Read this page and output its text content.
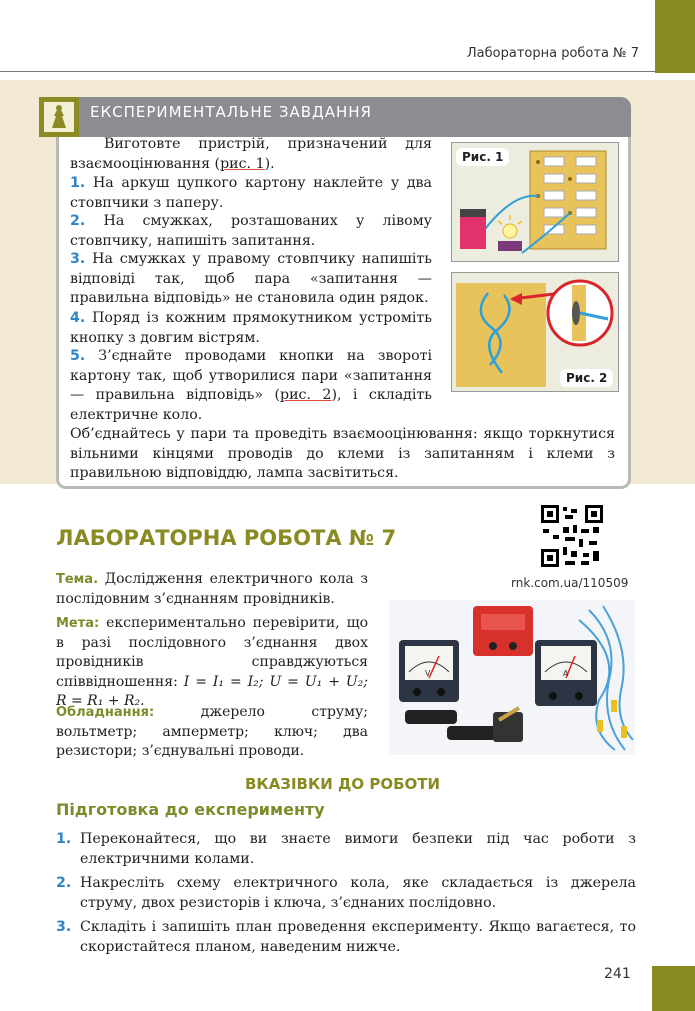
Лабораторна робота № 7
ЕКСПЕРИМЕНТАЛЬНЕ ЗАВДАННЯ
Виготовте пристрій, призначений для взаємооцінювання (рис. 1).
1. На аркуш цупкого картону наклейте у два стовпчики з паперу.
2. На смужках, розташованих у лівому стовпчику, напишіть запитання.
3. На смужках у правому стовпчику напишіть відповіді так, щоб пара «запитання — правильна відповідь» не становила один рядок.
4. Поряд із кожним прямокутником устроміть кнопку з довгим вістрям.
5. З’єднайте проводами кнопки на звороті картону так, щоб утворилися пари «запитання — правильна відповідь» (рис. 2), і складіть електричне коло.
Об’єднайтесь у пари та проведіть взаємооцінювання: якщо торкнутися вільними кінцями проводів до клеми із запитанням і клеми з правильною відповіддю, лампа засвітиться.
Рис. 1
Рис. 2
ЛАБОРАТОРНА РОБОТА № 7
rnk.com.ua/110509
Тема. Дослідження електричного кола з послідовним з’єднанням провідників.
Мета: експериментально перевірити, що в разі послідовного з’єднання двох провідників справджуються співвідношення: I = I₁ = I₂; U = U₁ + U₂; R = R₁ + R₂.
Обладнання:	джерело струму; вольтметр; амперметр; ключ; два резистори; з’єднувальні проводи.
V	A
ВКАЗІВКИ ДО РОБОТИ
Підготовка до експерименту
1. Переконайтеся, що ви знаєте вимоги безпеки під час роботи з електричними колами.
2. Накресліть схему електричного кола, яке складається із джерела струму, двох резисторів і ключа, з’єднаних послідовно.
3. Складіть і запишіть план проведення експерименту. Якщо вагаєтеся, то скористайтеся планом, наведеним нижче.
241
